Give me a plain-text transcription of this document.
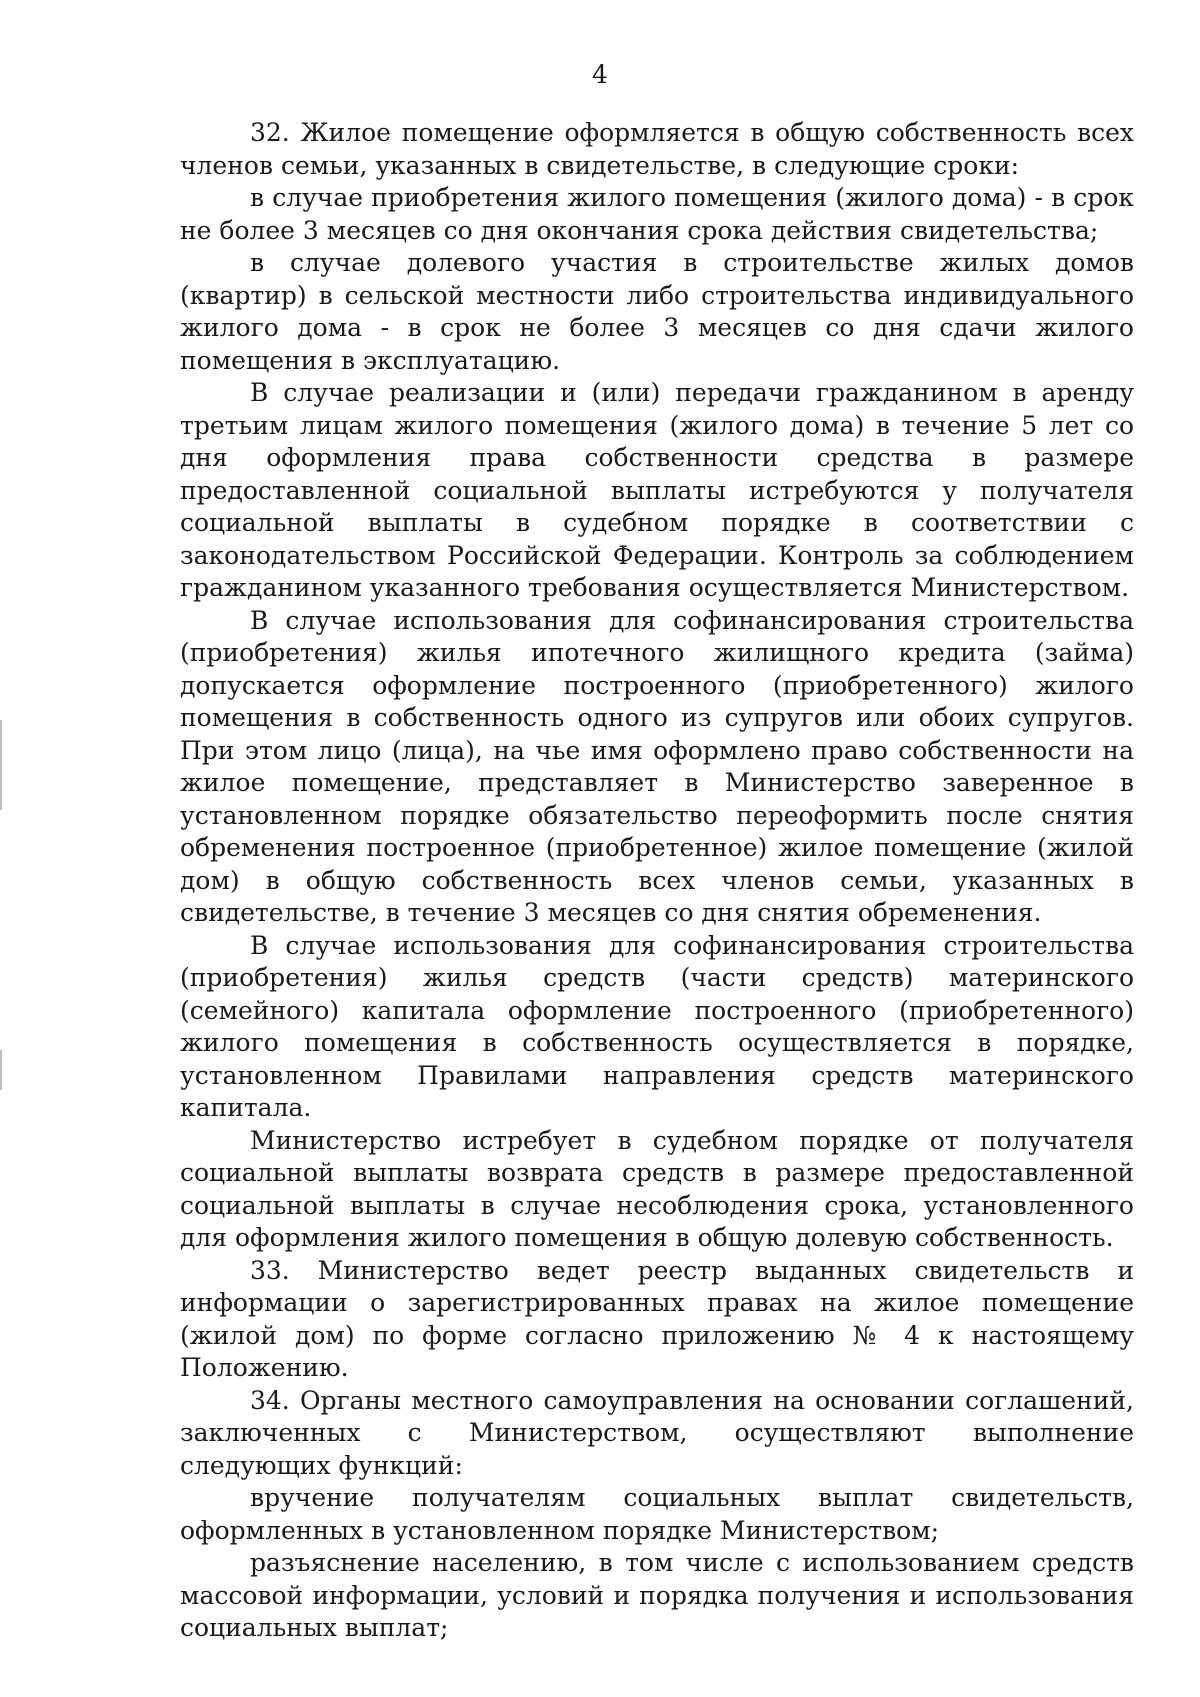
4

32. Жилое помещение оформляется в общую собственность всех членов семьи, указанных в свидетельстве, в следующие сроки:

в случае приобретения жилого помещения (жилого дома) - в срок не более 3 месяцев со дня окончания срока действия свидетельства;

в случае долевого участия в строительстве жилых домов (квартир) в сельской местности либо строительства индивидуального жилого дома - в срок не более 3 месяцев со дня сдачи жилого помещения в эксплуатацию.

В случае реализации и (или) передачи гражданином в аренду третьим лицам жилого помещения (жилого дома) в течение 5 лет со дня оформления права собственности средства в размере предоставленной социальной выплаты истребуются у получателя социальной выплаты в судебном порядке в соответствии с законодательством Российской Федерации. Контроль за соблюдением гражданином указанного требования осуществляется Министерством.

В случае использования для софинансирования строительства (приобретения) жилья ипотечного жилищного кредита (займа) допускается оформление построенного (приобретенного) жилого помещения в собственность одного из супругов или обоих супругов. При этом лицо (лица), на чье имя оформлено право собственности на жилое помещение, представляет в Министерство заверенное в установленном порядке обязательство переоформить после снятия обременения построенное (приобретенное) жилое помещение (жилой дом) в общую собственность всех членов семьи, указанных в свидетельстве, в течение 3 месяцев со дня снятия обременения.

В случае использования для софинансирования строительства (приобретения) жилья средств (части средств) материнского (семейного) капитала оформление построенного (приобретенного) жилого помещения в собственность осуществляется в порядке, установленном Правилами направления средств материнского капитала.

Министерство истребует в судебном порядке от получателя социальной выплаты возврата средств в размере предоставленной социальной выплаты в случае несоблюдения срока, установленного для оформления жилого помещения в общую долевую собственность.

33. Министерство ведет реестр выданных свидетельств и информации о зарегистрированных правах на жилое помещение (жилой дом) по форме согласно приложению № 4 к настоящему Положению.

34. Органы местного самоуправления на основании соглашений, заключенных с Министерством, осуществляют выполнение следующих функций:

вручение получателям социальных выплат свидетельств, оформленных в установленном порядке Министерством;

разъяснение населению, в том числе с использованием средств массовой информации, условий и порядка получения и использования социальных выплат;
